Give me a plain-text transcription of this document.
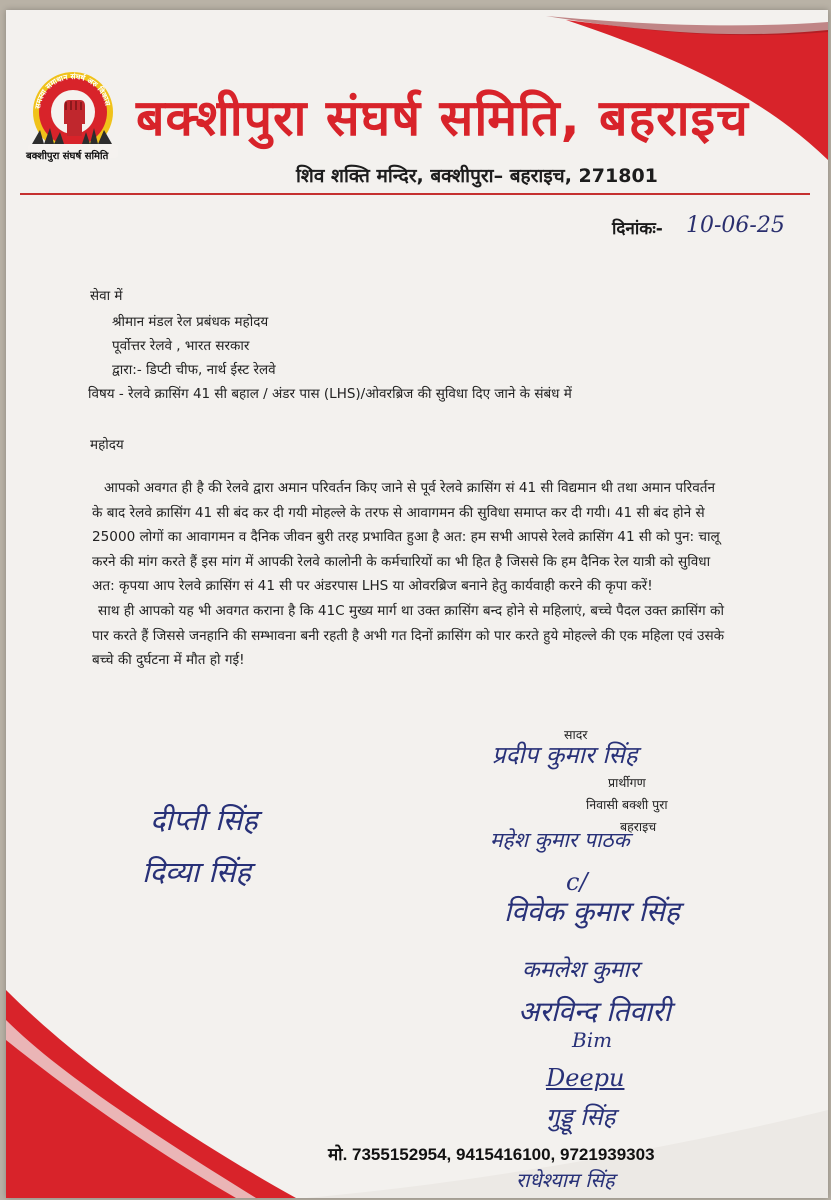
बक्शीपुरा संघर्ष समिति
समस्या समाधान संघर्ष अरु विकास बक्शीपुरा संघर्ष समिति, बहराइच
शिव शक्ति मन्दिर, बक्शीपुरा– बहराइच, 271801
दिनांकः- 10-06-25
सेवा में
श्रीमान मंडल रेल प्रबंधक महोदय
पूर्वोत्तर रेलवे , भारत सरकार
द्वारा:- डिप्टी चीफ, नार्थ ईस्ट रेलवे
विषय - रेलवे क्रासिंग 41 सी बहाल / अंडर पास (LHS)/ओवरब्रिज की सुविधा दिए जाने के संबंध में
महोदय

आपको अवगत ही है की रेलवे द्वारा अमान परिवर्तन किए जाने से पूर्व रेलवे क्रासिंग सं 41 सी विद्यमान थी तथा अमान परिवर्तन के बाद रेलवे क्रासिंग 41 सी बंद कर दी गयी मोहल्ले के तरफ से आवागमन की सुविधा समाप्त कर दी गयी। 41 सी बंद होने से 25000 लोगों का आवागमन व दैनिक जीवन बुरी तरह प्रभावित हुआ है अत: हम सभी आपसे रेलवे क्रासिंग 41 सी को पुन: चालू करने की मांग करते हैं इस मांग में आपकी रेलवे कालोनी के कर्मचारियों का भी हित है जिससे कि हम दैनिक रेल यात्री को सुविधा अत: कृपया आप रेलवे क्रासिंग सं 41 सी पर अंडरपास LHS या ओवरब्रिज बनाने हेतु कार्यवाही करने की कृपा करें!

साथ ही आपको यह भी अवगत कराना है कि 41C मुख्य मार्ग था उक्त क्रासिंग बन्द होने से महिलाएं, बच्चे पैदल उक्त क्रासिंग को पार करते हैं जिससे जनहानि की सम्भावना बनी रहती है अभी गत दिनों क्रासिंग को पार करते हुये मोहल्ले की एक महिला एवं उसके बच्चे की दुर्घटना में मौत हो गई!

सादर
प्रदीप कुमार सिंह
प्रार्थीगण
निवासी बक्शी पुरा
बहराइच
दीप्ती सिंह
दिव्या सिंह
महेश कुमार पाठक
c/
विवेक कुमार सिंह
कमलेश कुमार
अरविन्द तिवारी
Bim
Deepu
गुड्डू सिंह
राधेश्याम सिंह
मो. 7355152954, 9415416100, 9721939303
